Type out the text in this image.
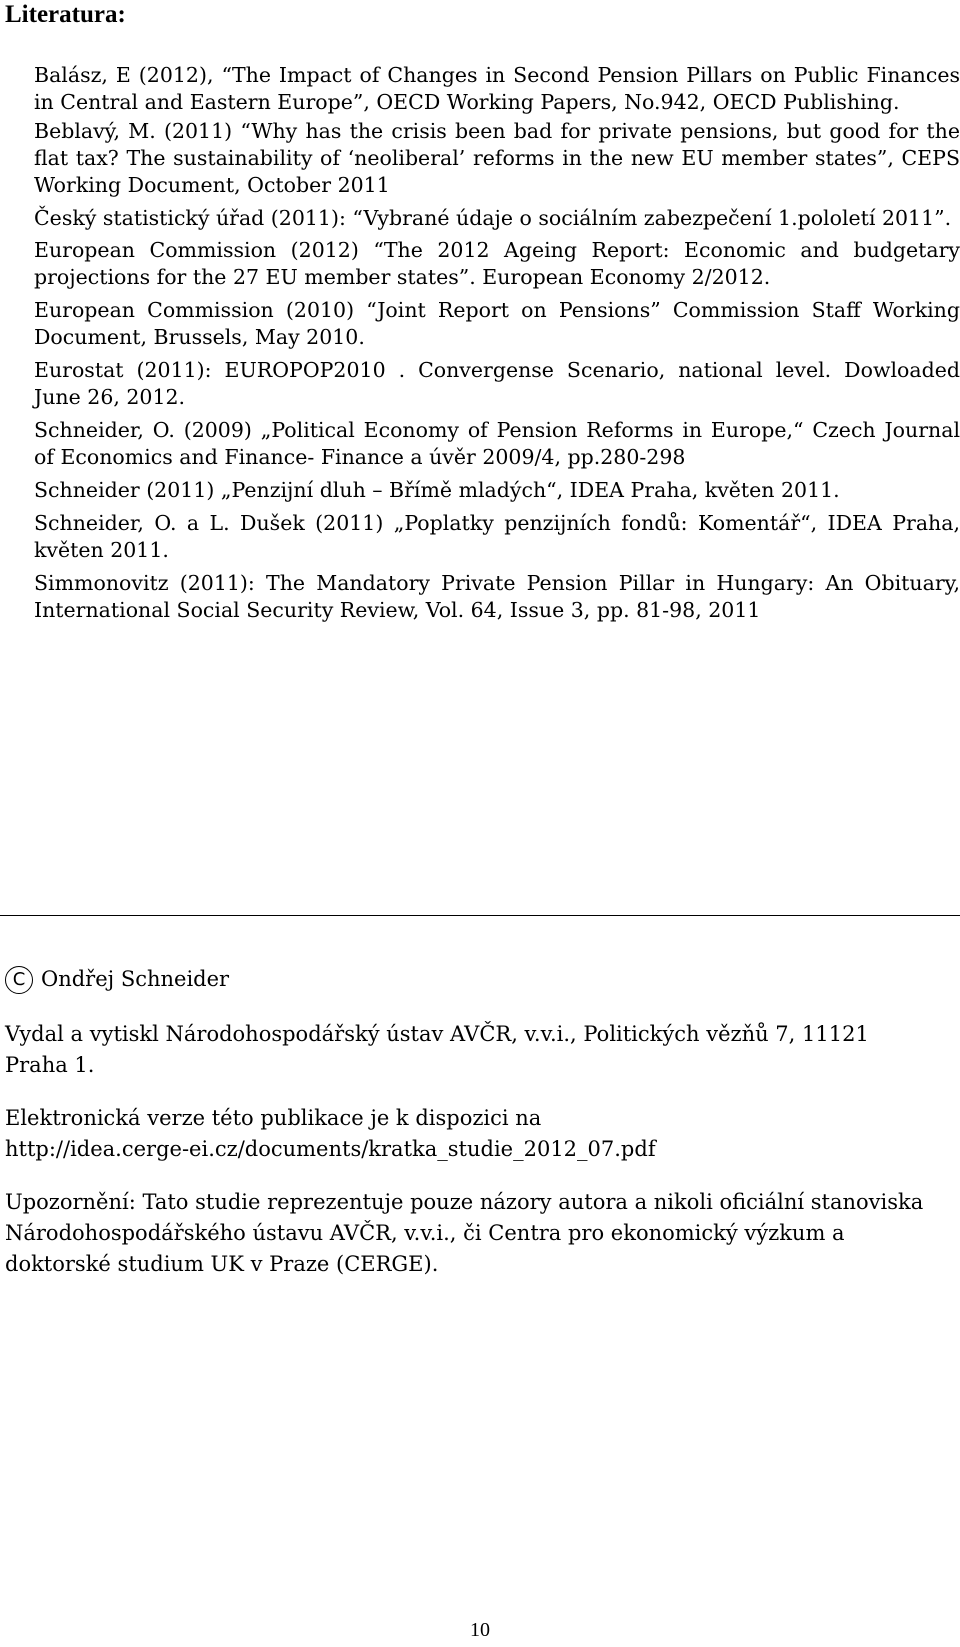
Literatura:

Balász, E (2012), “The Impact of Changes in Second Pension Pillars on Public Finances in Central and Eastern Europe”, OECD Working Papers, No.942, OECD Publishing.

Beblavý, M. (2011) “Why has the crisis been bad for private pensions, but good for the flat tax? The sustainability of ‘neoliberal’ reforms in the new EU member states”, CEPS Working Document, October 2011

Český statistický úřad (2011): “Vybrané údaje o sociálním zabezpečení 1.pololetí 2011”.

European Commission (2012) “The 2012 Ageing Report: Economic and budgetary projections for the 27 EU member states”. European Economy 2/2012.

European Commission (2010) “Joint Report on Pensions” Commission Staff Working Document, Brussels, May 2010.

Eurostat (2011): EUROPOP2010 . Convergense Scenario, national level. Dowloaded June 26, 2012.

Schneider, O. (2009) „Political Economy of Pension Reforms in Europe,“ Czech Journal of Economics and Finance- Finance a úvěr 2009/4, pp.280-298

Schneider (2011) „Penzijní dluh – Břímě mladých“, IDEA Praha, květen 2011.

Schneider, O. a L. Dušek (2011) „Poplatky penzijních fondů: Komentář“, IDEA Praha, květen 2011.

Simmonovitz (2011): The Mandatory Private Pension Pillar in Hungary: An Obituary, International Social Security Review, Vol. 64, Issue 3, pp. 81-98, 2011

C Ondřej Schneider

Vydal a vytiskl Národohospodářský ústav AVČR, v.v.i., Politických vězňů 7, 11121 Praha 1.

Elektronická verze této publikace je k dispozici na
http://idea.cerge-ei.cz/documents/kratka_studie_2012_07.pdf

Upozornění: Tato studie reprezentuje pouze názory autora a nikoli oficiální stanoviska Národohospodářského ústavu AVČR, v.v.i., či Centra pro ekonomický výzkum a doktorské studium UK v Praze (CERGE).

10
